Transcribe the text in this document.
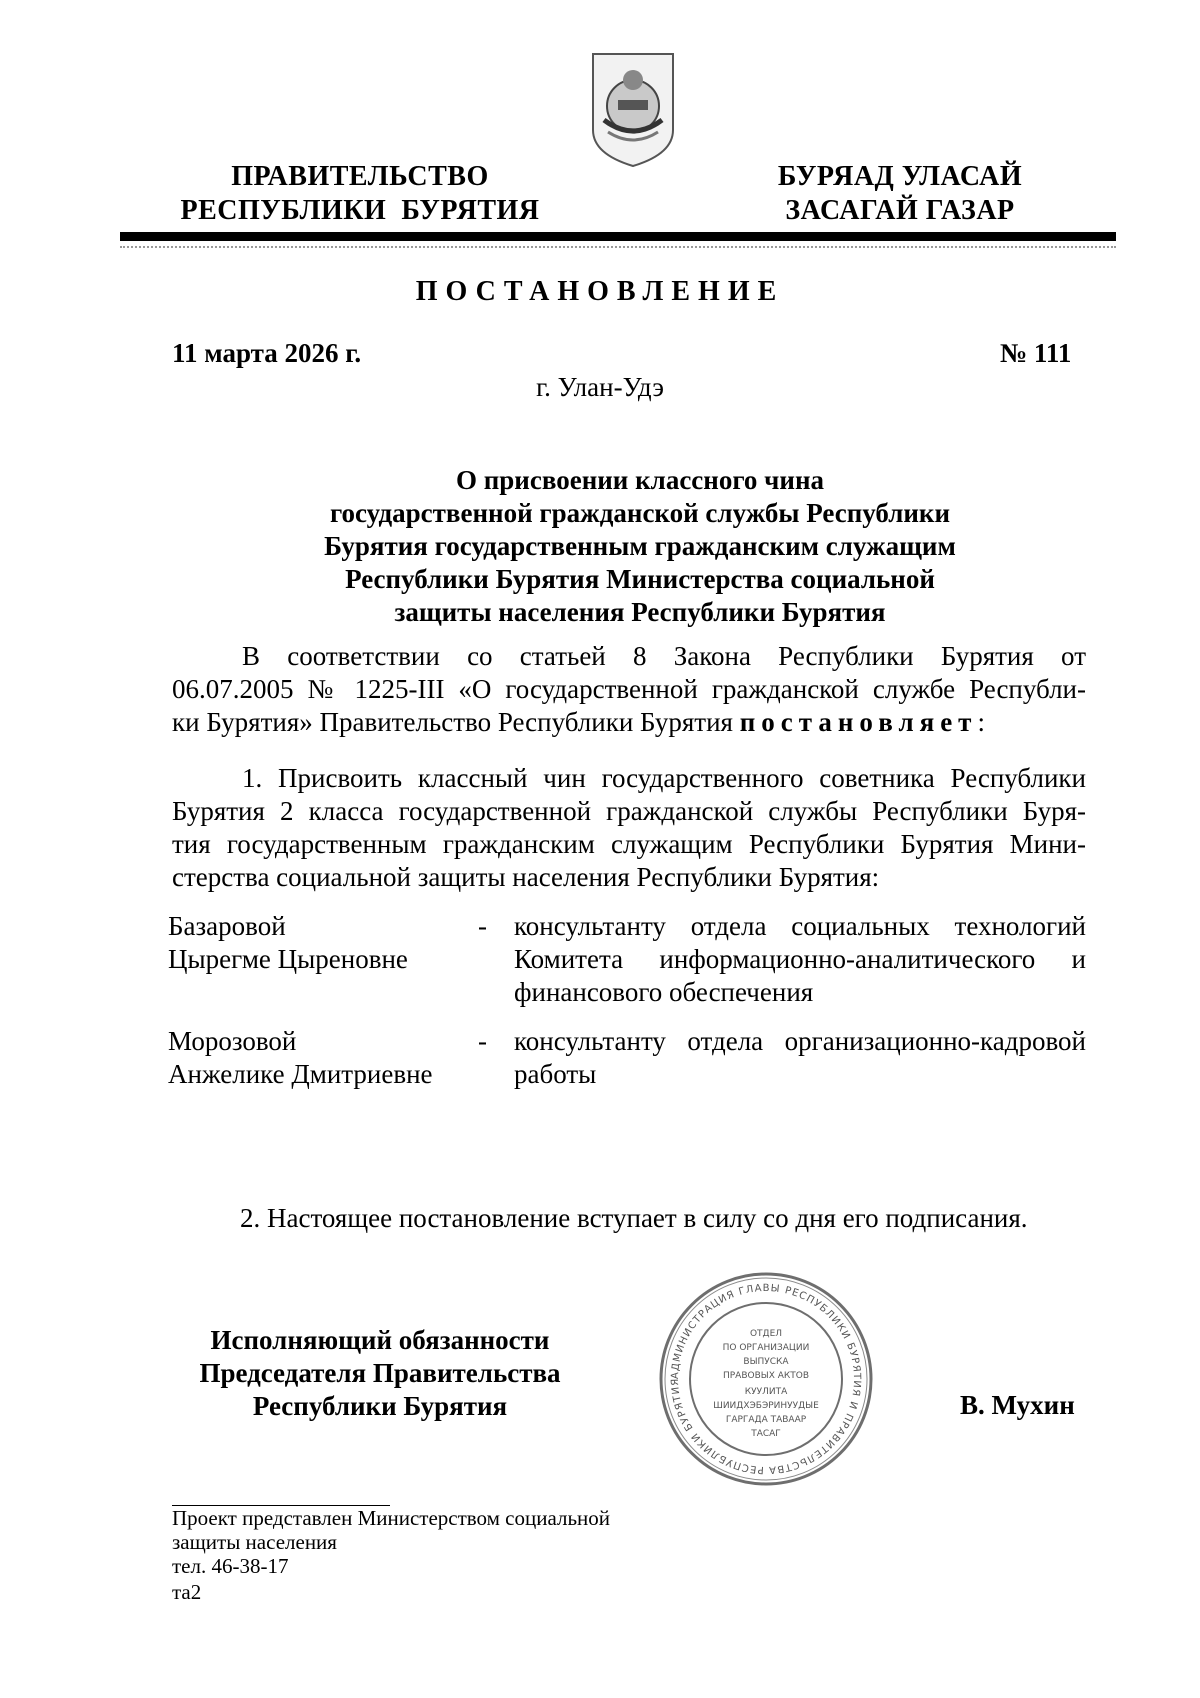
ПРАВИТЕЛЬСТВО
РЕСПУБЛИКИ  БУРЯТИЯ
БУРЯАД УЛАСАЙ
ЗАСАГАЙ ГАЗАР
ПОСТАНОВЛЕНИЕ
11 марта 2026 г.	№ 111
г. Улан-Удэ
О присвоении классного чина
государственной гражданской службы Республики
Бурятия государственным гражданским служащим
Республики Бурятия Министерства социальной
защиты населения Республики Бурятия
В соответствии со статьей 8 Закона Республики Бурятия от
06.07.2005 № 1225-III «О государственной гражданской службе Республи-
ки Бурятия» Правительство Республики Бурятия постановляет:
1. Присвоить классный чин государственного советника Республики
Бурятия 2 класса государственной гражданской службы Республики Буря-
тия государственным гражданским служащим Республики Бурятия Мини-
стерства социальной защиты населения Республики Бурятия:
Базаровой
Цырегме Цыреновне
- консультанту отдела социальных технологий
Комитета информационно-аналитического и
финансового обеспечения
Морозовой
Анжелике Дмитриевне
- консультанту отдела организационно-кадровой
работы
2. Настоящее постановление вступает в силу со дня его подписания.
Исполняющий обязанности
Председателя Правительства
Республики Бурятия
АДМИНИСТРАЦИЯ ГЛАВЫ РЕСПУБЛИКИ БУРЯТИЯ И ПРАВИТЕЛЬСТВА РЕСПУБЛИКИ БУРЯТИЯ
ОТДЕЛ
ПО ОРГАНИЗАЦИИ
ВЫПУСКА
ПРАВОВЫХ АКТОВ
КУУЛИТА
ШИИДХЭБЭРИНУУДЫЕ
ГАРГАДА ТАВААР
ТАСАГ
В. Мухин
Проект представлен Министерством социальной
защиты населения
тел. 46-38-17
та2
